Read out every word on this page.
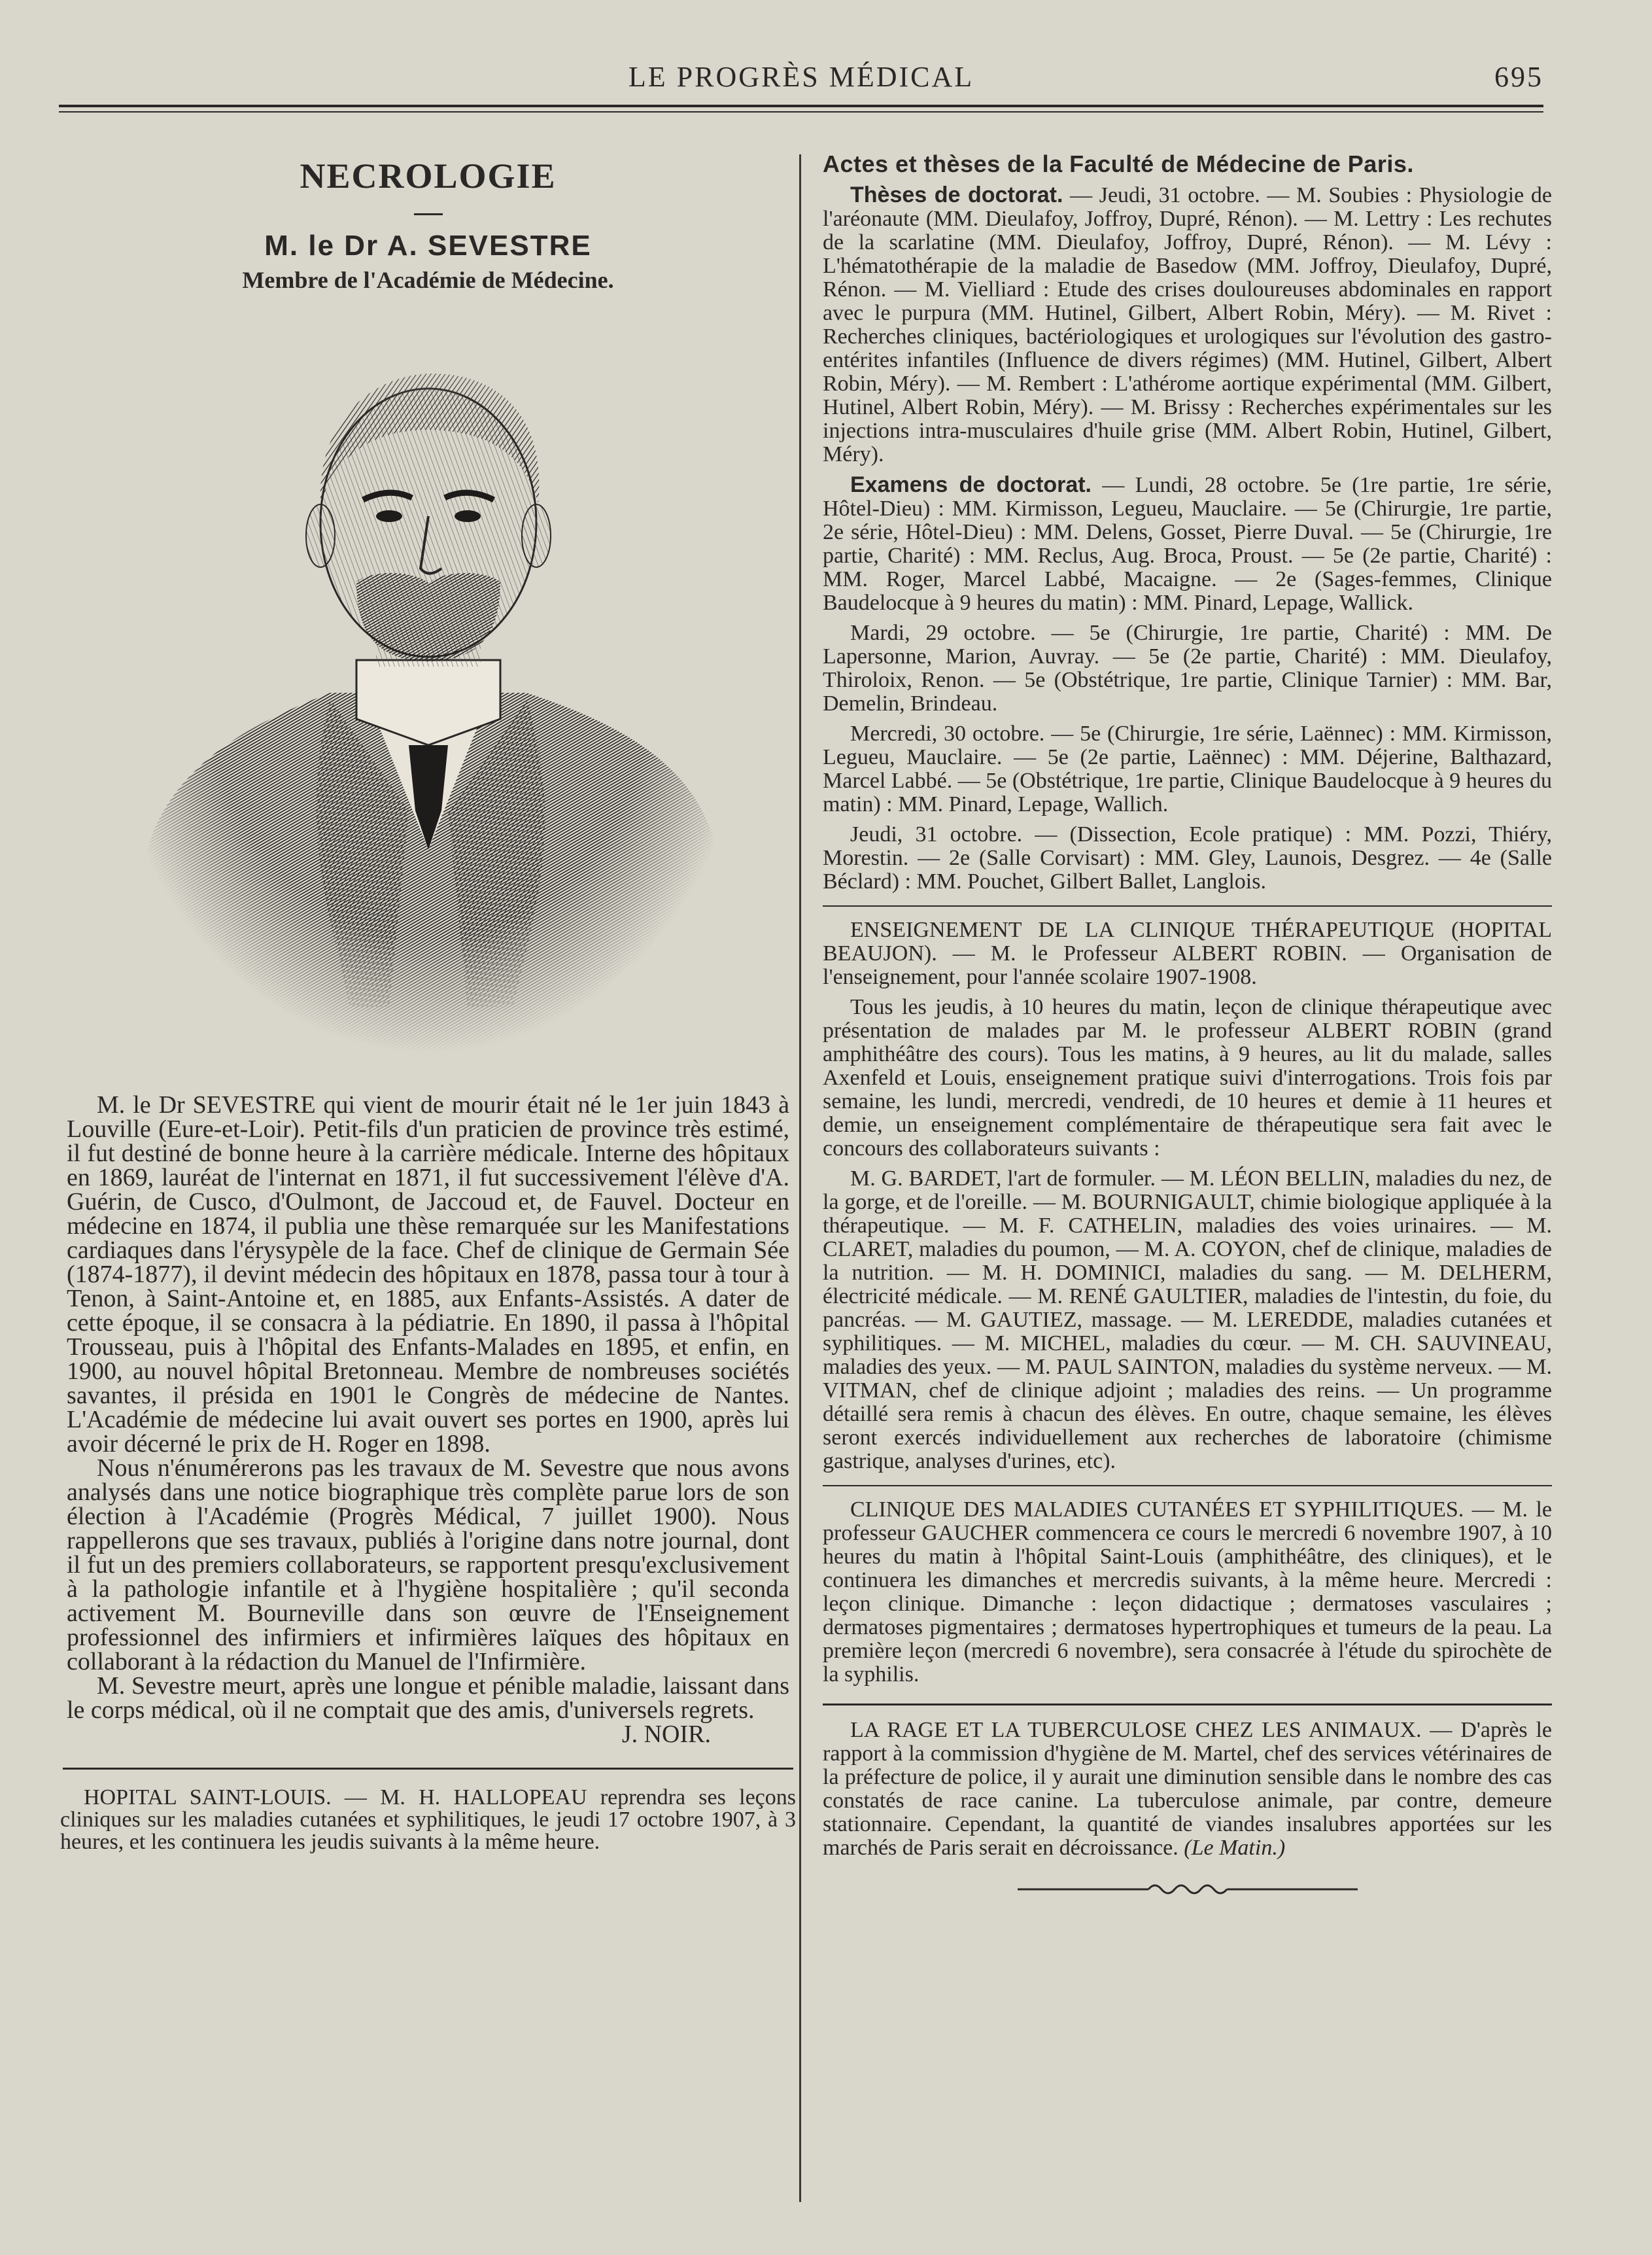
LE PROGRÈS MÉDICAL	695
NECROLOGIE
M. le Dr A. SEVESTRE
Membre de l'Académie de Médecine.

M. le Dr SEVESTRE qui vient de mourir était né le 1er juin 1843 à Louville (Eure-et-Loir). Petit-fils d'un praticien de province très estimé, il fut destiné de bonne heure à la carrière médicale. Interne des hôpitaux en 1869, lauréat de l'internat en 1871, il fut successivement l'élève d'A. Guérin, de Cusco, d'Oulmont, de Jaccoud et, de Fauvel. Docteur en médecine en 1874, il publia une thèse remarquée sur les Manifestations cardiaques dans l'érysypèle de la face. Chef de clinique de Germain Sée (1874-1877), il devint médecin des hôpitaux en 1878, passa tour à tour à Tenon, à Saint-Antoine et, en 1885, aux Enfants-Assistés. A dater de cette époque, il se consacra à la pédiatrie. En 1890, il passa à l'hôpital Trousseau, puis à l'hôpital des Enfants-Malades en 1895, et enfin, en 1900, au nouvel hôpital Bretonneau. Membre de nombreuses sociétés savantes, il présida en 1901 le Congrès de médecine de Nantes. L'Académie de médecine lui avait ouvert ses portes en 1900, après lui avoir décerné le prix de H. Roger en 1898.

Nous n'énumérerons pas les travaux de M. Sevestre que nous avons analysés dans une notice biographique très complète parue lors de son élection à l'Académie (Progrès Médical, 7 juillet 1900). Nous rappellerons que ses travaux, publiés à l'origine dans notre journal, dont il fut un des premiers collaborateurs, se rapportent presqu'exclusivement à la pathologie infantile et à l'hygiène hospitalière ; qu'il seconda activement M. Bourneville dans son œuvre de l'Enseignement professionnel des infirmiers et infirmières laïques des hôpitaux en collaborant à la rédaction du Manuel de l'Infirmière.

M. Sevestre meurt, après une longue et pénible maladie, laissant dans le corps médical, où il ne comptait que des amis, d'universels regrets.

J. NOIR.

HOPITAL SAINT-LOUIS. — M. H. HALLOPEAU reprendra ses leçons cliniques sur les maladies cutanées et syphilitiques, le jeudi 17 octobre 1907, à 3 heures, et les continuera les jeudis suivants à la même heure.

Actes et thèses de la Faculté de Médecine de Paris.

Thèses de doctorat. — Jeudi, 31 octobre. — M. Soubies : Physiologie de l'aréonaute (MM. Dieulafoy, Joffroy, Dupré, Rénon). — M. Lettry : Les rechutes de la scarlatine (MM. Dieulafoy, Joffroy, Dupré, Rénon). — M. Lévy : L'hématothérapie de la maladie de Basedow (MM. Joffroy, Dieulafoy, Dupré, Rénon. — M. Vielliard : Etude des crises douloureuses abdominales en rapport avec le purpura (MM. Hutinel, Gilbert, Albert Robin, Méry). — M. Rivet : Recherches cliniques, bactériologiques et urologiques sur l'évolution des gastro-entérites infantiles (Influence de divers régimes) (MM. Hutinel, Gilbert, Albert Robin, Méry). — M. Rembert : L'athérome aortique expérimental (MM. Gilbert, Hutinel, Albert Robin, Méry). — M. Brissy : Recherches expérimentales sur les injections intra-musculaires d'huile grise (MM. Albert Robin, Hutinel, Gilbert, Méry).

Examens de doctorat. — Lundi, 28 octobre. 5e (1re partie, 1re série, Hôtel-Dieu) : MM. Kirmisson, Legueu, Mauclaire. — 5e (Chirurgie, 1re partie, 2e série, Hôtel-Dieu) : MM. Delens, Gosset, Pierre Duval. — 5e (Chirurgie, 1re partie, Charité) : MM. Reclus, Aug. Broca, Proust. — 5e (2e partie, Charité) : MM. Roger, Marcel Labbé, Macaigne. — 2e (Sages-femmes, Clinique Baudelocque à 9 heures du matin) : MM. Pinard, Lepage, Wallick.

Mardi, 29 octobre. — 5e (Chirurgie, 1re partie, Charité) : MM. De Lapersonne, Marion, Auvray. — 5e (2e partie, Charité) : MM. Dieulafoy, Thiroloix, Renon. — 5e (Obstétrique, 1re partie, Clinique Tarnier) : MM. Bar, Demelin, Brindeau.

Mercredi, 30 octobre. — 5e (Chirurgie, 1re série, Laënnec) : MM. Kirmisson, Legueu, Mauclaire. — 5e (2e partie, Laënnec) : MM. Déjerine, Balthazard, Marcel Labbé. — 5e (Obstétrique, 1re partie, Clinique Baudelocque à 9 heures du matin) : MM. Pinard, Lepage, Wallich.

Jeudi, 31 octobre. — (Dissection, Ecole pratique) : MM. Pozzi, Thiéry, Morestin. — 2e (Salle Corvisart) : MM. Gley, Launois, Desgrez. — 4e (Salle Béclard) : MM. Pouchet, Gilbert Ballet, Langlois.

ENSEIGNEMENT DE LA CLINIQUE THÉRAPEUTIQUE (HOPITAL BEAUJON). — M. le Professeur ALBERT ROBIN. — Organisation de l'enseignement, pour l'année scolaire 1907-1908.

Tous les jeudis, à 10 heures du matin, leçon de clinique thérapeutique avec présentation de malades par M. le professeur ALBERT ROBIN (grand amphithéâtre des cours). Tous les matins, à 9 heures, au lit du malade, salles Axenfeld et Louis, enseignement pratique suivi d'interrogations. Trois fois par semaine, les lundi, mercredi, vendredi, de 10 heures et demie à 11 heures et demie, un enseignement complémentaire de thérapeutique sera fait avec le concours des collaborateurs suivants :

M. G. BARDET, l'art de formuler. — M. LÉON BELLIN, maladies du nez, de la gorge, et de l'oreille. — M. BOURNIGAULT, chimie biologique appliquée à la thérapeutique. — M. F. CATHELIN, maladies des voies urinaires. — M. CLARET, maladies du poumon, — M. A. COYON, chef de clinique, maladies de la nutrition. — M. H. DOMINICI, maladies du sang. — M. DELHERM, électricité médicale. — M. RENÉ GAULTIER, maladies de l'intestin, du foie, du pancréas. — M. GAUTIEZ, massage. — M. LEREDDE, maladies cutanées et syphilitiques. — M. MICHEL, maladies du cœur. — M. CH. SAUVINEAU, maladies des yeux. — M. PAUL SAINTON, maladies du système nerveux. — M. VITMAN, chef de clinique adjoint ; maladies des reins. — Un programme détaillé sera remis à chacun des élèves. En outre, chaque semaine, les élèves seront exercés individuellement aux recherches de laboratoire (chimisme gastrique, analyses d'urines, etc).

CLINIQUE DES MALADIES CUTANÉES ET SYPHILITIQUES. — M. le professeur GAUCHER commencera ce cours le mercredi 6 novembre 1907, à 10 heures du matin à l'hôpital Saint-Louis (amphithéâtre, des cliniques), et le continuera les dimanches et mercredis suivants, à la même heure. Mercredi : leçon clinique. Dimanche : leçon didactique ; dermatoses vasculaires ; dermatoses pigmentaires ; dermatoses hypertrophiques et tumeurs de la peau. La première leçon (mercredi 6 novembre), sera consacrée à l'étude du spirochète de la syphilis.

LA RAGE ET LA TUBERCULOSE CHEZ LES ANIMAUX. — D'après le rapport à la commission d'hygiène de M. Martel, chef des services vétérinaires de la préfecture de police, il y aurait une diminution sensible dans le nombre des cas constatés de race canine. La tuberculose animale, par contre, demeure stationnaire. Cependant, la quantité de viandes insalubres apportées sur les marchés de Paris serait en décroissance. (Le Matin.)
